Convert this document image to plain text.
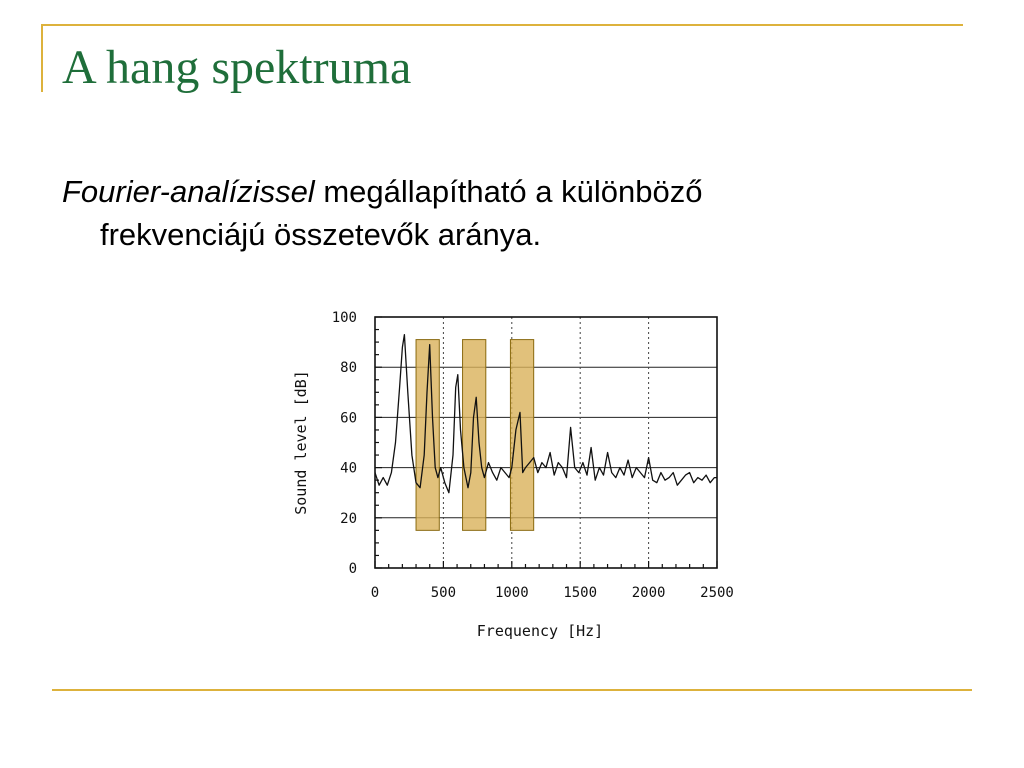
A hang spektruma
Fourier-analízissel megállapítható a különböző
frekvenciájú összetevők aránya.
0
20
40
60
80
100
0	500	1000 1500 2000 2500
Frequency [Hz]
Sound level [dB]
